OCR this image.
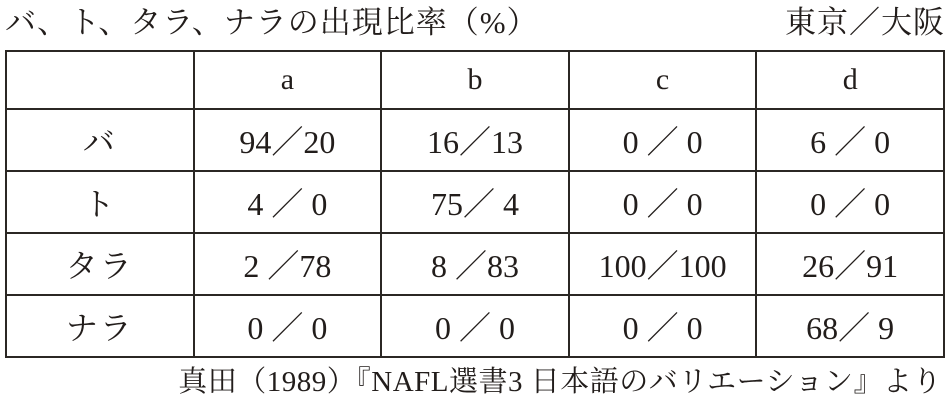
バ、ト、タラ、ナラの出現比率（%）	東京／大阪
	a	b	c	d
バ	94／20	16／13	0 ／ 0	6 ／ 0
ト	4 ／ 0	75／ 4	0 ／ 0	0 ／ 0
タラ	2 ／78	8 ／83	100／100	26／91
ナラ	0 ／ 0	0 ／ 0	0 ／ 0	68／ 9
真田（1989）『NAFL選書3 日本語のバリエーション』より
